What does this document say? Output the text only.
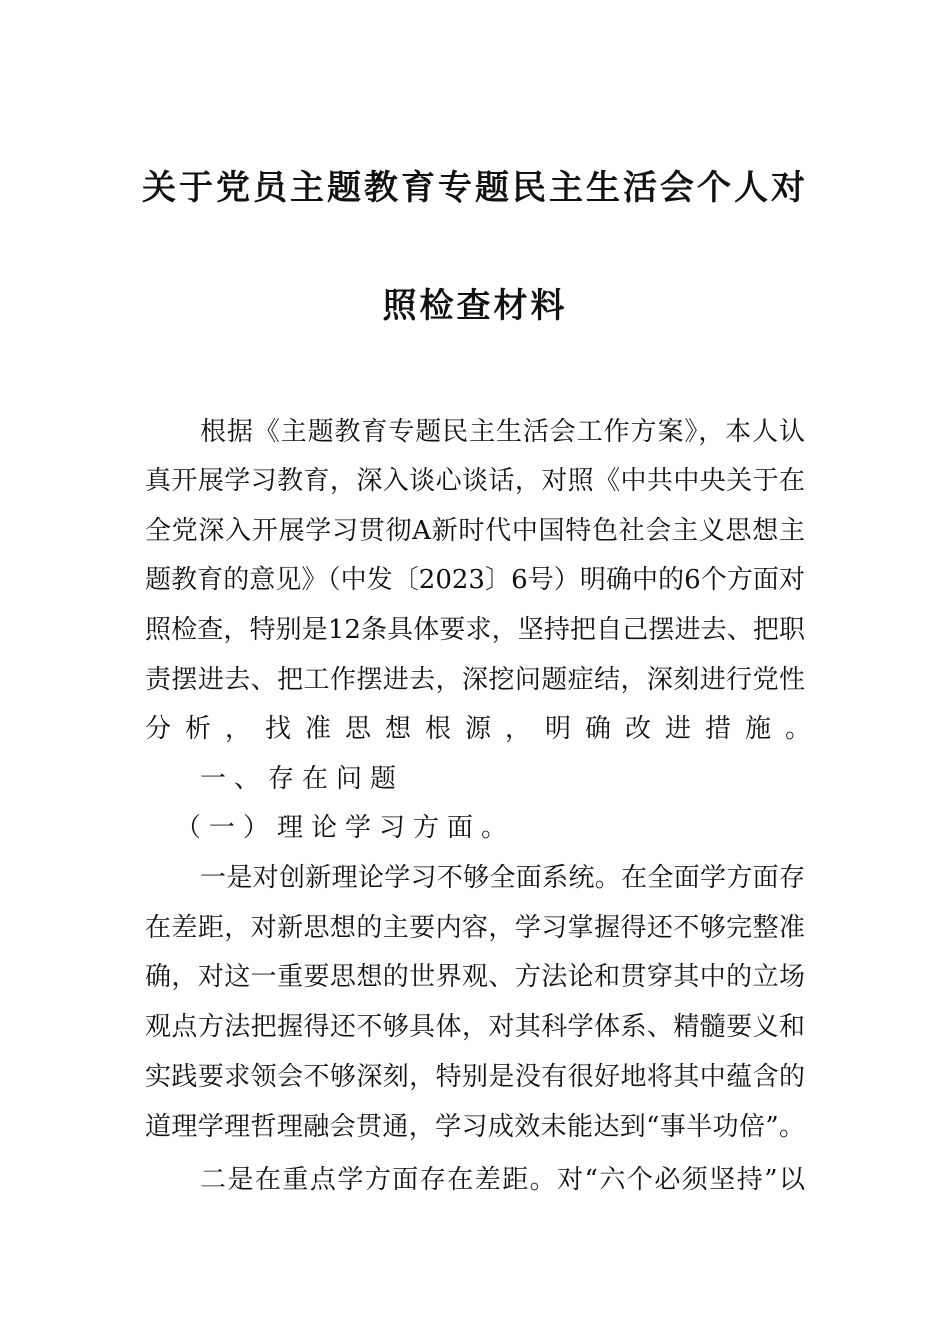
关于党员主题教育专题民主生活会个人对
照检查材料
根据《主题教育专题民主生活会工作方案》，本人认
真开展学习教育，深入谈心谈话，对照《中共中央关于在
全党深入开展学习贯彻A新时代中国特色社会主义思想主
题教育的意见》（中发〔2023〕6号）明确中的6个方面对
照检查，特别是12条具体要求，坚持把自己摆进去、把职
责摆进去、把工作摆进去，深挖问题症结，深刻进行党性
分析，找准思想根源，明确改进措施。
一、存在问题
（一）理论学习方面。
一是对创新理论学习不够全面系统。在全面学方面存
在差距，对新思想的主要内容，学习掌握得还不够完整准
确，对这一重要思想的世界观、方法论和贯穿其中的立场
观点方法把握得还不够具体，对其科学体系、精髓要义和
实践要求领会不够深刻，特别是没有很好地将其中蕴含的
道理学理哲理融会贯通，学习成效未能达到“事半功倍”。
二是在重点学方面存在差距。对“六个必须坚持”以
